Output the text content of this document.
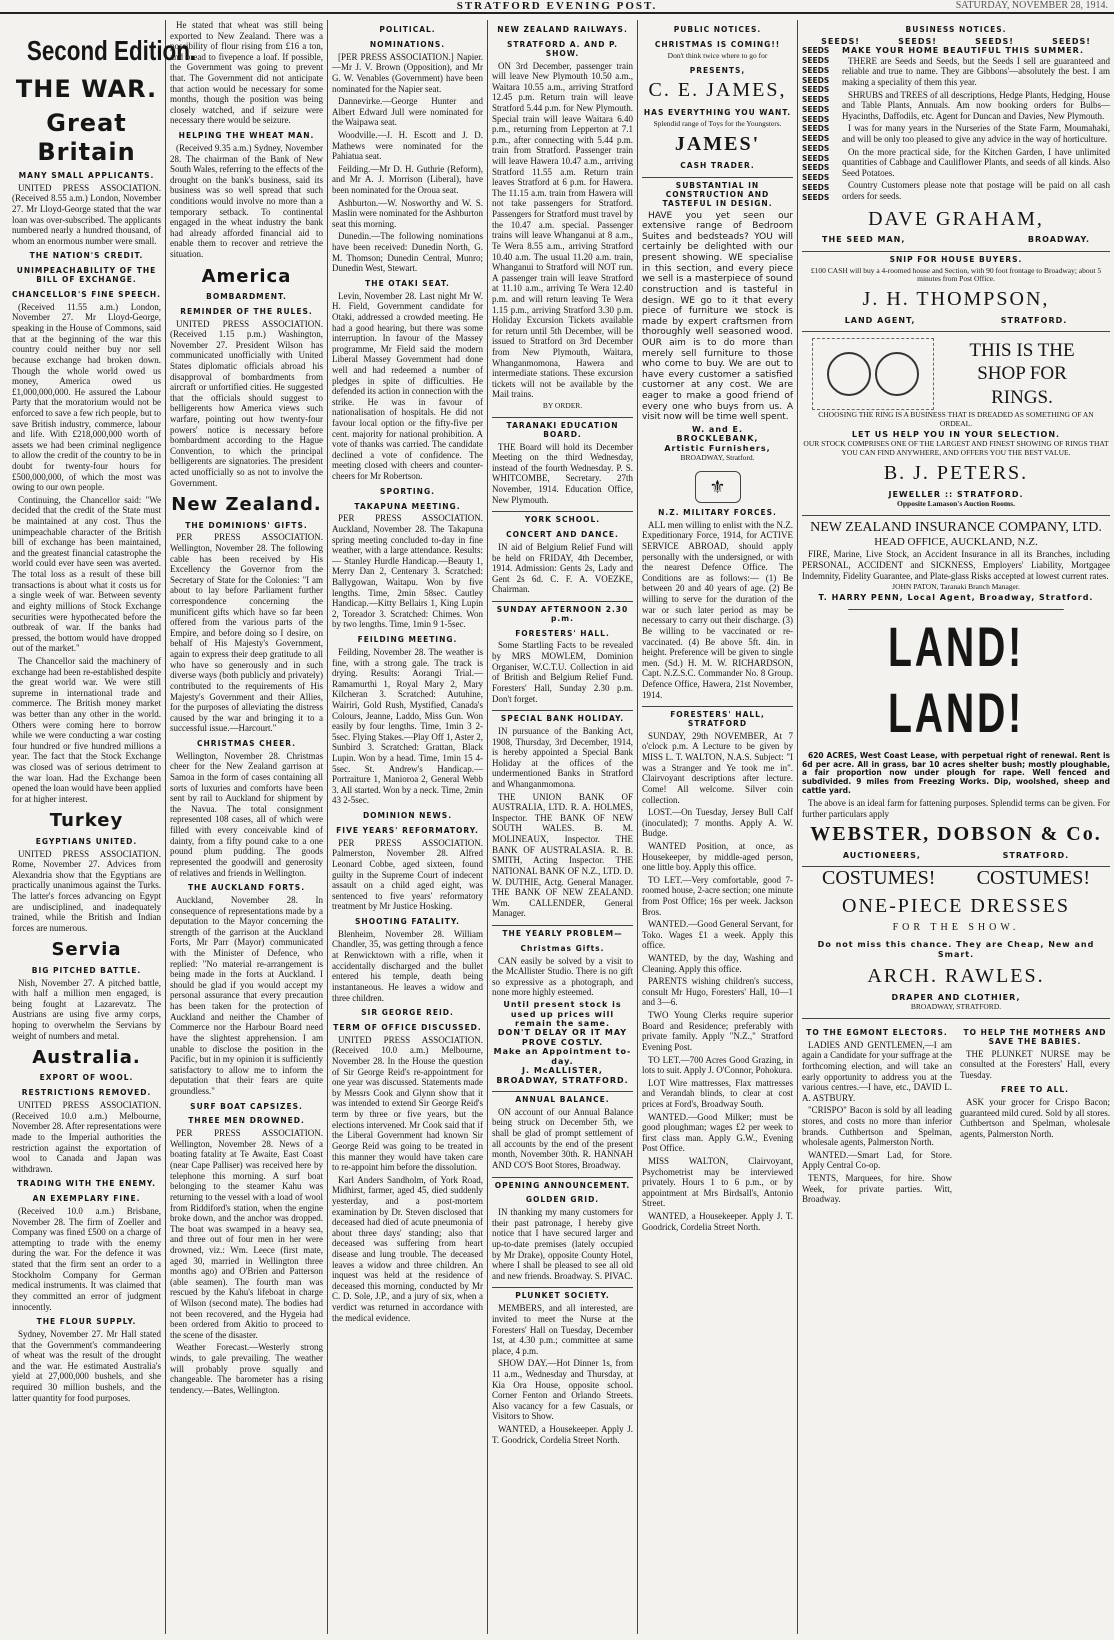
STRATFORD EVENING POST.	SATURDAY, NOVEMBER 28, 1914.
Second Edition.
THE WAR.
Great Britain
MANY SMALL APPLICANTS.

UNITED PRESS ASSOCIATION. (Received 8.55 a.m.) London, November 27. Mr Lloyd-George stated that the war loan was over-subscribed. The applicants numbered nearly a hundred thousand, of whom an enormous number were small.

THE NATION'S CREDIT.
UNIMPEACHABILITY OF THE BILL OF EXCHANGE.
CHANCELLOR'S FINE SPEECH.

(Received 11.55 a.m.) London, November 27. Mr Lloyd-George, speaking in the House of Commons, said that at the beginning of the war this country could neither buy nor sell because exchange had broken down. Though the whole world owed us money, America owed us £1,000,000,000. He assured the Labour Party that the moratorium would not be enforced to save a few rich people, but to save British industry, commerce, labour and life. With £218,000,000 worth of assets we had been criminal negligence to allow the credit of the country to be in doubt for twenty-four hours for £500,000,000, of which the most was owing to our own people.

Continuing, the Chancellor said: "We decided that the credit of the State must be maintained at any cost. Thus the unimpeachable character of the British bill of exchange has been maintained, and the greatest financial catastrophe the world could ever have seen was averted. The total loss as a result of these bill transactions is about what it costs us for a single week of war. Between seventy and eighty millions of Stock Exchange securities were hypothecated before the outbreak of war. If the banks had pressed, the bottom would have dropped out of the market."

The Chancellor said the machinery of exchange had been re-established despite the great world war. We were still supreme in international trade and commerce. The British money market was better than any other in the world. Others were coming here to borrow while we were conducting a war costing four hundred or five hundred millions a year. The fact that the Stock Exchange was closed was of serious detriment to the war loan. Had the Exchange been opened the loan would have been applied for at higher interest.

Turkey
EGYPTIANS UNITED.

UNITED PRESS ASSOCIATION. Rome, November 27. Advices from Alexandria show that the Egyptians are practically unanimous against the Turks. The latter's forces advancing on Egypt are undisciplined, and inadequately trained, while the British and Indian forces are numerous.

Servia
BIG PITCHED BATTLE.

Nish, November 27. A pitched battle, with half a million men engaged, is being fought at Lazarevatz. The Austrians are using five army corps, hoping to overwhelm the Servians by weight of numbers and metal.

Australia.
EXPORT OF WOOL.
RESTRICTIONS REMOVED.

UNITED PRESS ASSOCIATION. (Received 10.0 a.m.) Melbourne, November 28. After representations were made to the Imperial authorities the restriction against the exportation of wool to Canada and Japan was withdrawn.

TRADING WITH THE ENEMY.
AN EXEMPLARY FINE.

(Received 10.0 a.m.) Brisbane, November 28. The firm of Zoeller and Company was fined £500 on a charge of attempting to trade with the enemy during the war. For the defence it was stated that the firm sent an order to a Stockholm Company for German medical instruments. It was claimed that they committed an error of judgment innocently.

THE FLOUR SUPPLY.

Sydney, November 27. Mr Hall stated that the Government's commandeering of wheat was the result of the drought and the war. He estimated Australia's yield at 27,000,000 bushels, and she required 30 million bushels, and the latter quantity for food purposes.

He stated that wheat was still being exported to New Zealand. There was a possibility of flour rising from £16 a ton, and bread to fivepence a loaf. If possible, the Government was going to prevent that. The Government did not anticipate that action would be necessary for some months, though the position was being closely watched, and if seizure were necessary there would be seizure.

HELPING THE WHEAT MAN.

(Received 9.35 a.m.) Sydney, November 28. The chairman of the Bank of New South Wales, referring to the effects of the drought on the bank's business, said its business was so well spread that such conditions would involve no more than a temporary setback. To continental engaged in the wheat industry the bank had already afforded financial aid to enable them to recover and retrieve the situation.

America
BOMBARDMENT.
REMINDER OF THE RULES.

UNITED PRESS ASSOCIATION. (Received 1.15 p.m.) Washington, November 27. President Wilson has communicated unofficially with United States diplomatic officials abroad his disapproval of bombardments from aircraft or unfortified cities. He suggested that the officials should suggest to belligerents how America views such warfare, pointing out how twenty-four powers' notice is necessary before bombardment according to the Hague Convention, to which the principal belligerents are signatories. The president acted unofficially so as not to involve the Government.

New Zealand.
THE DOMINIONS' GIFTS.

PER PRESS ASSOCIATION. Wellington, November 28. The following cable has been received by His Excellency the Governor from the Secretary of State for the Colonies: "I am about to lay before Parliament further correspondence concerning the munificent gifts which have so far been offered from the various parts of the Empire, and before doing so I desire, on behalf of His Majesty's Government, again to express their deep gratitude to all who have so generously and in such diverse ways (both publicly and privately) contributed to the requirements of His Majesty's Government and their Allies, for the purposes of alleviating the distress caused by the war and bringing it to a successful issue.—Harcourt."

CHRISTMAS CHEER.

Wellington, November 28. Christmas cheer for the New Zealand garrison at Samoa in the form of cases containing all sorts of luxuries and comforts have been sent by rail to Auckland for shipment by the Navua. The total consignment represented 108 cases, all of which were filled with every conceivable kind of dainty, from a fifty pound cake to a one pound plum pudding. The goods represented the goodwill and generosity of relatives and friends in Wellington.

THE AUCKLAND FORTS.

Auckland, November 28. In consequence of representations made by a deputation to the Mayor concerning the strength of the garrison at the Auckland Forts, Mr Parr (Mayor) communicated with the Minister of Defence, who replied: "No material re-arrangement is being made in the forts at Auckland. I should be glad if you would accept my personal assurance that every precaution has been taken for the protection of Auckland and neither the Chamber of Commerce nor the Harbour Board need have the slightest apprehension. I am unable to disclose the position in the Pacific, but in my opinion it is sufficiently satisfactory to allow me to inform the deputation that their fears are quite groundless."

SURF BOAT CAPSIZES.
THREE MEN DROWNED.

PER PRESS ASSOCIATION. Wellington, November 28. News of a boating fatality at Te Awaite, East Coast (near Cape Palliser) was received here by telephone this morning. A surf boat belonging to the steamer Kahu was returning to the vessel with a load of wool from Riddiford's station, when the engine broke down, and the anchor was dropped. The boat was swamped in a heavy sea, and three out of four men in her were drowned, viz.: Wm. Leece (first mate, aged 30, married in Wellington three months ago) and O'Brien and Patterson (able seamen). The fourth man was rescued by the Kahu's lifeboat in charge of Wilson (second mate). The bodies had not been recovered, and the Hygeia had been ordered from Akitio to proceed to the scene of the disaster.

Weather Forecast.—Westerly strong winds, to gale prevailing. The weather will probably prove squally and changeable. The barometer has a rising tendency.—Bates, Wellington.

POLITICAL.
NOMINATIONS.

[PER PRESS ASSOCIATION.] Napier.—Mr J. V. Brown (Opposition), and Mr G. W. Venables (Government) have been nominated for the Napier seat.

Dannevirke.—George Hunter and Albert Edward Jull were nominated for the Waipawa seat.

Woodville.—J. H. Escott and J. D. Mathews were nominated for the Pahiatua seat.

Feilding.—Mr D. H. Guthrie (Reform), and Mr A. J. Morrison (Liberal), have been nominated for the Oroua seat.

Ashburton.—W. Nosworthy and W. S. Maslin were nominated for the Ashburton seat this morning.

Dunedin.—The following nominations have been received: Dunedin North, G. M. Thomson; Dunedin Central, Munro; Dunedin West, Stewart.

THE OTAKI SEAT.

Levin, November 28. Last night Mr W. H. Field, Government candidate for Otaki, addressed a crowded meeting. He had a good hearing, but there was some interruption. In favour of the Massey programme, Mr Field said the modern Liberal Massey Government had done well and had redeemed a number of pledges in spite of difficulties. He defended its action in connection with the strike. He was in favour of nationalisation of hospitals. He did not favour local option or the fifty-five per cent. majority for national prohibition. A vote of thanks was carried. The candidate declined a vote of confidence. The meeting closed with cheers and counter-cheers for Mr Robertson.

SPORTING.
TAKAPUNA MEETING.

PER PRESS ASSOCIATION. Auckland, November 28. The Takapuna spring meeting concluded to-day in fine weather, with a large attendance. Results:— Stanley Hurdle Handicap.—Beauty 1, Merry Dan 2, Centenary 3. Scratched: Ballygowan, Waitapu. Won by five lengths. Time, 2min 58sec. Cautley Handicap.—Kitty Bellairs 1, King Lupin 2, Toreador 3. Scratched: Chimes. Won by two lengths. Time, 1min 9 1-5sec.

FEILDING MEETING.

Feilding, November 28. The weather is fine, with a strong gale. The track is drying. Results: Aorangi Trial.—Ramamurthi 1, Royal Mary 2, Mary Kilcheran 3. Scratched: Autuhine, Wairiri, Gold Rush, Mystified, Canada's Colours, Jeanne, Laddo, Miss Gun. Won easily by four lengths. Time, 1min 3 2-5sec. Flying Stakes.—Play Off 1, Aster 2, Sunbird 3. Scratched: Grattan, Black Lupin. Won by a head. Time, 1min 15 4-5sec. St. Andrew's Handicap.—Portraiture 1, Manioroa 2, General Webb 3. All started. Won by a neck. Time, 2min 43 2-5sec.

DOMINION NEWS.
FIVE YEARS' REFORMATORY.

PER PRESS ASSOCIATION. Palmerston, November 28. Alfred Leonard Cobbe, aged sixteen, found guilty in the Supreme Court of indecent assault on a child aged eight, was sentenced to five years' reformatory treatment by Mr Justice Hosking.

SHOOTING FATALITY.

Blenheim, November 28. William Chandler, 35, was getting through a fence at Renwicktown with a rifle, when it accidentally discharged and the bullet entered his temple, death being instantaneous. He leaves a widow and three children.

SIR GEORGE REID.
TERM OF OFFICE DISCUSSED.

UNITED PRESS ASSOCIATION. (Received 10.0 a.m.) Melbourne, November 28. In the House the question of Sir George Reid's re-appointment for one year was discussed. Statements made by Messrs Cook and Glynn show that it was intended to extend Sir George Reid's term by three or five years, but the elections intervened. Mr Cook said that if the Liberal Government had known Sir George Reid was going to be treated in this manner they would have taken care to re-appoint him before the dissolution.

Karl Anders Sandholm, of York Road, Midhirst, farmer, aged 45, died suddenly yesterday, and a post-mortem examination by Dr. Steven disclosed that deceased had died of acute pneumonia of about three days' standing; also that deceased was suffering from heart disease and lung trouble. The deceased leaves a widow and three children. An inquest was held at the residence of deceased this morning, conducted by Mr C. D. Sole, J.P., and a jury of six, when a verdict was returned in accordance with the medical evidence.

NEW ZEALAND RAILWAYS.
STRATFORD A. AND P. SHOW.

ON 3rd December, passenger train will leave New Plymouth 10.50 a.m., Waitara 10.55 a.m., arriving Stratford 12.45 p.m. Return train will leave Stratford 5.44 p.m. for New Plymouth. Special train will leave Waitara 6.40 p.m., returning from Lepperton at 7.1 p.m., after connecting with 5.44 p.m. train from Stratford. Passenger train will leave Hawera 10.47 a.m., arriving Stratford 11.55 a.m. Return train leaves Stratford at 6 p.m. for Hawera. The 11.15 a.m. train from Hawera will not take passengers for Stratford. Passengers for Stratford must travel by the 10.47 a.m. special. Passenger trains will leave Whanganui at 8 a.m., Te Wera 8.55 a.m., arriving Stratford 10.40 a.m. The usual 11.20 a.m. train, Whanganui to Stratford will NOT run. A passenger train will leave Stratford at 11.10 a.m., arriving Te Wera 12.40 p.m. and will return leaving Te Wera 1.15 p.m., arriving Stratford 3.30 p.m. Holiday Excursion Tickets available for return until 5th December, will be issued to Stratford on 3rd December from New Plymouth, Waitara, Whanganmomona, Hawera and intermediate stations. These excursion tickets will not be available by the Mail trains.

BY ORDER.
TARANAKI EDUCATION BOARD.

THE Board will hold its December Meeting on the third Wednesday, instead of the fourth Wednesday. P. S. WHITCOMBE, Secretary. 27th November, 1914. Education Office, New Plymouth.

YORK SCHOOL.
CONCERT AND DANCE.

IN aid of Belgium Relief Fund will be held on FRIDAY, 4th December, 1914. Admission: Gents 2s, Lady and Gent 2s 6d. C. F. A. VOEZKE, Chairman.

SUNDAY AFTERNOON 2.30 p.m.
FORESTERS' HALL.

Some Startling Facts to be revealed by MRS MOWLEM, Dominion Organiser, W.C.T.U. Collection in aid of British and Belgium Relief Fund. Foresters' Hall, Sunday 2.30 p.m. Don't forget.

SPECIAL BANK HOLIDAY.

IN pursuance of the Banking Act, 1908, Thursday, 3rd December, 1914, is hereby appointed a Special Bank Holiday at the offices of the undermentioned Banks in Stratford and Whanganmomona.

THE UNION BANK OF AUSTRALIA, LTD. R. A. HOLMES, Inspector. THE BANK OF NEW SOUTH WALES. B. M. MOLINEAUX, Inspector. THE BANK OF AUSTRALASIA. R. B. SMITH, Acting Inspector. THE NATIONAL BANK OF N.Z., LTD. D. W. DUTHIE, Actg. General Manager. THE BANK OF NEW ZEALAND. Wm. CALLENDER, General Manager.

THE YEARLY PROBLEM—
Christmas Gifts.

CAN easily be solved by a visit to the McAllister Studio. There is no gift so expressive as a photograph, and none more highly esteemed.

Until present stock is used up prices will remain the same.
DON'T DELAY OR IT MAY PROVE COSTLY.
Make an Appointment to-day.
J. McALLISTER,
BROADWAY, STRATFORD.
ANNUAL BALANCE.

ON account of our Annual Balance being struck on December 5th, we shall be glad of prompt settlement of all accounts by the end of the present month, November 30th. R. HANNAH AND CO'S Boot Stores, Broadway.

OPENING ANNOUNCEMENT.
GOLDEN GRID.

IN thanking my many customers for their past patronage, I hereby give notice that I have secured larger and up-to-date premises (lately occupied by Mr Drake), opposite County Hotel, where I shall be pleased to see all old and new friends. Broadway. S. PIVAC.

PLUNKET SOCIETY.

MEMBERS, and all interested, are invited to meet the Nurse at the Foresters' Hall on Tuesday, December 1st, at 4.30 p.m.; committee at same place, 4 p.m.

SHOW DAY.—Hot Dinner 1s, from 11 a.m., Wednesday and Thursday, at Kia Ora House, opposite school. Corner Fenton and Orlando Streets. Also vacancy for a few Casuals, or Visitors to Show.

WANTED, a Housekeeper. Apply J. T. Goodrick, Cordelia Street North.

PUBLIC NOTICES.
CHRISTMAS IS COMING!!
Don't think twice where to go for
PRESENTS,
C. E. JAMES,
HAS EVERYTHING YOU WANT.
Splendid range of Toys for the Youngsters.
JAMES'
CASH TRADER.
SUBSTANTIAL IN CONSTRUCTION AND TASTEFUL IN DESIGN.

HAVE you yet seen our extensive range of Bedroom Suites and bedsteads? YOU will certainly be delighted with our present showing. WE specialise in this section, and every piece we sell is a masterpiece of sound construction and is tasteful in design. WE go to it that every piece of furniture we stock is made by expert craftsmen from thoroughly well seasoned wood. OUR aim is to do more than merely sell furniture to those who come to buy. We are out to have every customer a satisfied customer at any cost. We are eager to make a good friend of every one who buys from us. A visit now will be time well spent.

W. and E.
BROCKLEBANK,
Artistic Furnishers,
BROADWAY, Stratford.
⚜
N.Z. MILITARY FORCES.

ALL men willing to enlist with the N.Z. Expeditionary Force, 1914, for ACTIVE SERVICE ABROAD, should apply personally with the undersigned, or with the nearest Defence Office. The Conditions are as follows:— (1) Be between 20 and 40 years of age. (2) Be willing to serve for the duration of the war or such later period as may be necessary to carry out their discharge. (3) Be willing to be vaccinated or re-vaccinated. (4) Be above 5ft. 4in. in height. Preference will be given to single men. (Sd.) H. M. W. RICHARDSON, Capt. N.Z.S.C. Commander No. 8 Group. Defence Office, Hawera, 21st November, 1914.

FORESTERS' HALL, STRATFORD

SUNDAY, 29th NOVEMBER, At 7 o'clock p.m. A Lecture to be given by MISS L. T. WALTON, N.A.S. Subject: "I was a Stranger and Ye took me in". Clairvoyant descriptions after lecture. Come! All welcome. Silver coin collection.

LOST.—On Tuesday, Jersey Bull Calf (inoculated); 7 months. Apply A. W. Budge.

WANTED Position, at once, as Housekeeper, by middle-aged person, one little boy. Apply this office.

TO LET.—Very comfortable, good 7-roomed house, 2-acre section; one minute from Post Office; 16s per week. Jackson Bros.

WANTED.—Good General Servant, for Toko. Wages £1 a week. Apply this office.

WANTED, by the day, Washing and Cleaning. Apply this office.

PARENTS wishing children's success, consult Mr Hugo, Foresters' Hall, 10—1 and 3—6.

TWO Young Clerks require superior Board and Residence; preferably with private family. Apply "N.Z.," Stratford Evening Post.

TO LET.—700 Acres Good Grazing, in lots to suit. Apply J. O'Connor, Pohokura.

LOT Wire mattresses, Flax mattresses and Verandah blinds, to clear at cost prices at Ford's, Broadway South.

WANTED.—Good Milker; must be good ploughman; wages £2 per week to first class man. Apply G.W., Evening Post Office.

MISS WALTON, Clairvoyant, Psychometrist may be interviewed privately. Hours 1 to 6 p.m., or by appointment at Mrs Birdsall's, Antonio Street.

WANTED, a Housekeeper. Apply J. T. Goodrick, Cordelia Street North.

BUSINESS NOTICES.
SEEDS!	SEEDS!	SEEDS!	SEEDS!
SEEDS
SEEDS
SEEDS
SEEDS
SEEDS
SEEDS
SEEDS
SEEDS
SEEDS
SEEDS
SEEDS
SEEDS
SEEDS
SEEDS
SEEDS
SEEDS
MAKE YOUR HOME BEAUTIFUL THIS SUMMER.

THERE are Seeds and Seeds, but the Seeds I sell are guaranteed and reliable and true to name. They are Gibbons'—absolutely the best. I am making a speciality of them this year.

SHRUBS and TREES of all descriptions, Hedge Plants, Hedging, House and Table Plants, Annuals. Am now booking orders for Bulbs—Hyacinths, Daffodils, etc. Agent for Duncan and Davies, New Plymouth.

I was for many years in the Nurseries of the State Farm, Moumahaki, and will be only too pleased to give any advice in the way of horticulture.

On the more practical side, for the Kitchen Garden, I have unlimited quantities of Cabbage and Cauliflower Plants, and seeds of all kinds. Also Seed Potatoes.

Country Customers please note that postage will be paid on all cash orders for seeds.

DAVE GRAHAM,
THE SEED MAN,	BROADWAY.
SNIP FOR HOUSE BUYERS.
£100 CASH will buy a 4-roomed house and Section, with 90 foot frontage to Broadway; about 5 minutes from Post Office.
J. H. THOMPSON,
LAND AGENT,	STRATFORD.
THIS IS THE
SHOP FOR
RINGS.
CHOOSING THE RING IS A BUSINESS THAT IS DREADED AS SOMETHING OF AN ORDEAL.
LET US HELP YOU IN YOUR SELECTION.
OUR STOCK COMPRISES ONE OF THE LARGEST AND FINEST SHOWING OF RINGS THAT YOU CAN FIND ANYWHERE, AND OFFERS YOU THE BEST VALUE.
B. J. PETERS.
JEWELLER :: STRATFORD.
Opposite Lamason's Auction Rooms.
NEW ZEALAND INSURANCE COMPANY, LTD.
HEAD OFFICE, AUCKLAND, N.Z.

FIRE, Marine, Live Stock, an Accident Insurance in all its Branches, including PERSONAL, ACCIDENT and SICKNESS, Employers' Liability, Mortgagee Indemnity, Fidelity Guarantee, and Plate-glass Risks accepted at lowest current rates.

JOHN PATON, Taranaki Branch Manager.
T. HARRY PENN, Local Agent, Broadway, Stratford.
LAND! LAND!

620 ACRES, West Coast Lease, with perpetual right of renewal. Rent is 6d per acre. All in grass, bar 10 acres shelter bush; mostly ploughable, a fair proportion now under plough for rape. Well fenced and subdivided. 9 miles from Freezing Works. Dip, woolshed, sheep and cattle yard.

The above is an ideal farm for fattening purposes. Splendid terms can be given. For further particulars apply

WEBSTER, DOBSON & Co.
AUCTIONEERS,	STRATFORD.
COSTUMES! COSTUMES!
ONE-PIECE DRESSES
FOR THE SHOW.
Do not miss this chance. They are Cheap, New and Smart.
ARCH. RAWLES.
DRAPER AND CLOTHIER,
BROADWAY, STRATFORD.
TO THE EGMONT ELECTORS.

LADIES AND GENTLEMEN,—I am again a Candidate for your suffrage at the forthcoming election, and will take an early opportunity to address you at the various centres.—I have, etc., DAVID L. A. ASTBURY.

"CRISPO" Bacon is sold by all leading stores, and costs no more than inferior brands. Cuthbertson and Spelman, wholesale agents, Palmerston North.

WANTED.—Smart Lad, for Store. Apply Central Co-op.

TENTS, Marquees, for hire. Show Week, for private parties. Witt, Broadway.

TO HELP THE MOTHERS AND SAVE THE BABIES.

THE PLUNKET NURSE may be consulted at the Foresters' Hall, every Tuesday.

FREE TO ALL.

ASK your grocer for Crispo Bacon; guaranteed mild cured. Sold by all stores. Cuthbertson and Spelman, wholesale agents, Palmerston North.
